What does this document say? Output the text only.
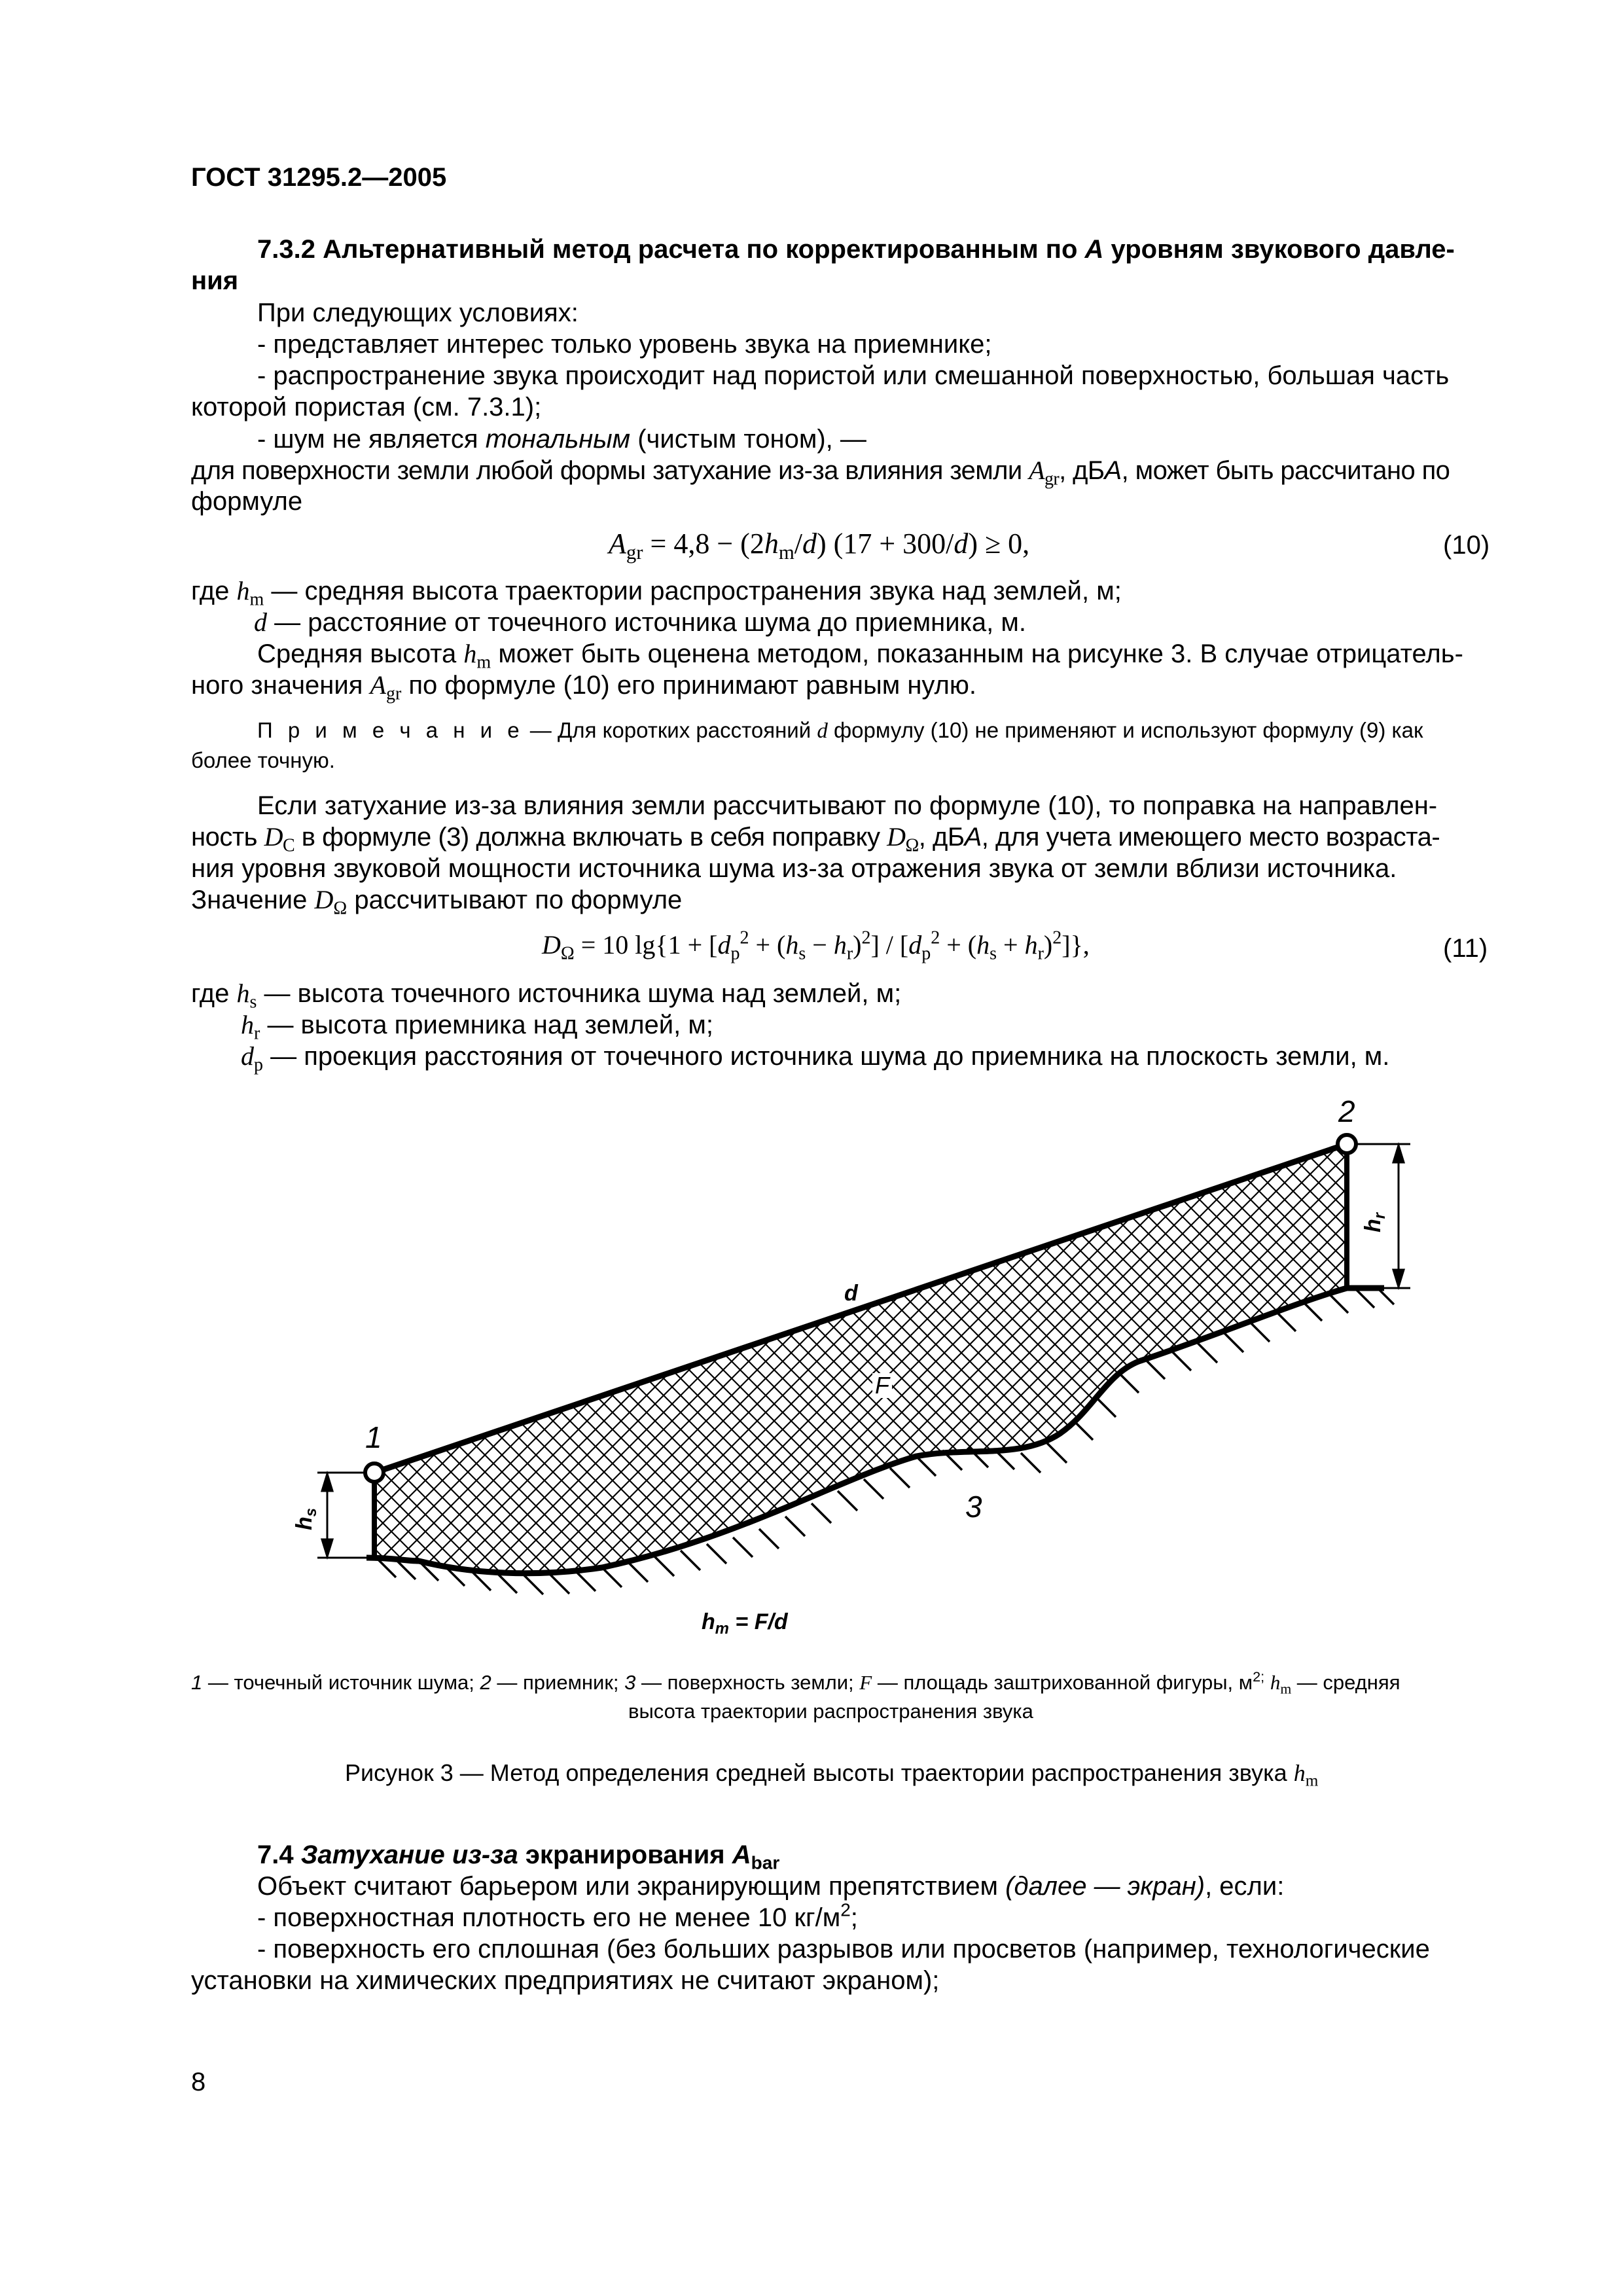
ГОСТ 31295.2—2005
7.3.2 Альтернативный метод расчета по корректированным по A уровням звукового давле-
ния
При следующих условиях:
- представляет интерес только уровень звука на приемнике;
- распространение звука происходит над пористой или смешанной поверхностью, большая часть
которой пористая (см. 7.3.1);
- шум не является тональным (чистым тоном), —
для поверхности земли любой формы затухание из-за влияния земли $A_{gr}$, дБA, может быть рассчитано по
формуле
$A_{gr} = 4,8 - (2h_m/d) (17 + 300/d) \ge 0$,	(10)
где $h_m$ — средняя высота траектории распространения звука над землей, м;
d — расстояние от точечного источника шума до приемника, м.
Средняя высота $h_m$ может быть оценена методом, показанным на рисунке 3. В случае отрицатель-
ного значения $A_{gr}$ по формуле (10) его принимают равным нулю.
П р и м е ч а н и е — Для коротких расстояний d формулу (10) не применяют и используют формулу (9) как
более точную.
Если затухание из-за влияния земли рассчитывают по формуле (10), то поправка на направлен-
ность $D_C$ в формуле (3) должна включать в себя поправку $D_\Omega$, дБA, для учета имеющего место возраста-
ния уровня звуковой мощности источника шума из-за отражения звука от земли вблизи источника.
Значение $D_\Omega$ рассчитывают по формуле
$D_\Omega = 10$ $\lg\{1 + [d_p^2 + (h_s - h_r)^2] / [d_p^2 + (h_s + h_r)^2]\}$,	(11)
где $h_s$ — высота точечного источника шума над землей, м;
$h_r$ — высота приемника над землей, м;
$d_p$ — проекция расстояния от точечного источника шума до приемника на плоскость земли, м.
1
2
3
d
F
$h_s$
$h_r$
$h_m = F/d$
1 — точечный источник шума; 2 — приемник; 3 — поверхность земли; F — площадь заштрихованной фигуры, $м^{2;}$ $h_m$ — средняя
высота траектории распространения звука
Рисунок 3 — Метод определения средней высоты траектории распространения звука $h_m$
7.4 Затухание из-за экранирования $A_{bar}$
Объект считают барьером или экранирующим препятствием (далее — экран), если:
- поверхностная плотность его не менее 10 $кг/м^2$;
- поверхность его сплошная (без больших разрывов или просветов (например, технологические
установки на химических предприятиях не считают экраном);
8
